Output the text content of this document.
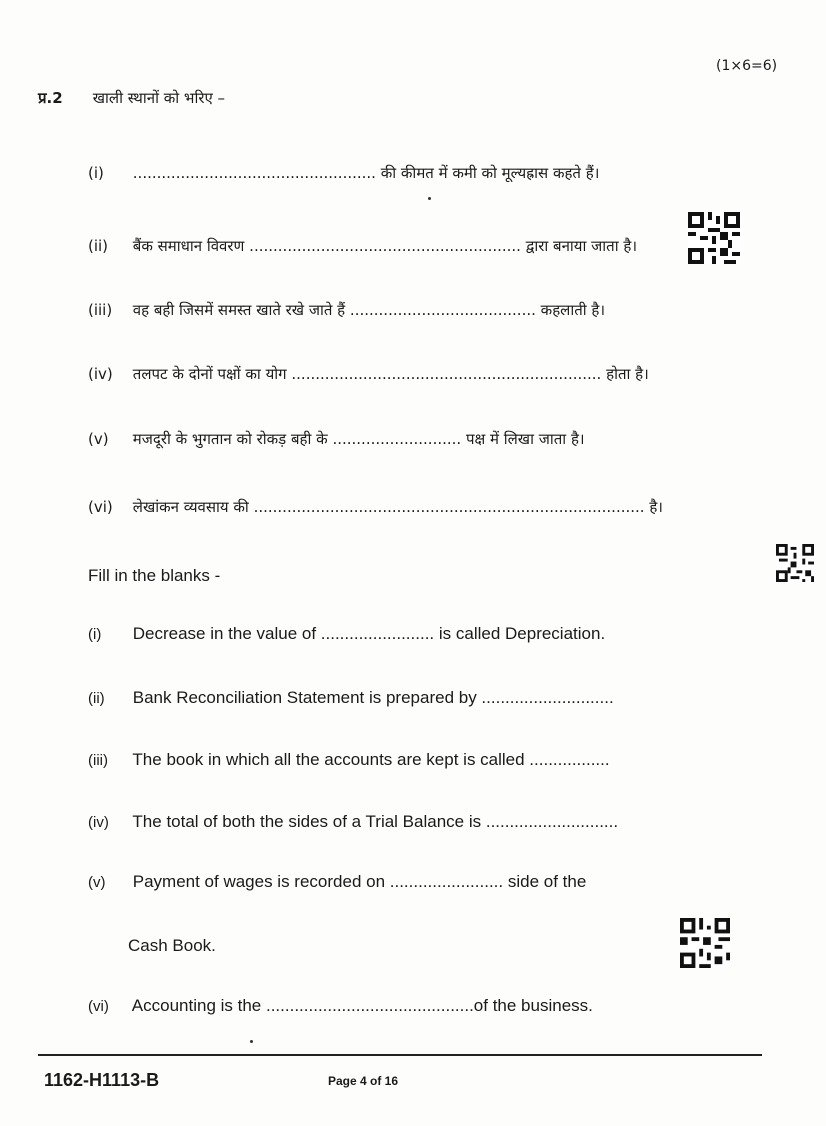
(1×6=6)
प्र.2 खाली स्थानों को भरिए –
(i) ................................................... की कीमत में कमी को मूल्यह्रास कहते हैं।
(ii) बैंक समाधान विवरण ......................................................... द्वारा बनाया जाता है।
(iii) वह बही जिसमें समस्त खाते रखे जाते हैं ....................................... कहलाती है।
(iv) तलपट के दोनों पक्षों का योग ................................................................. होता है।
(v) मजदूरी के भुगतान को रोकड़ बही के ........................... पक्ष में लिखा जाता है।
(vi) लेखांकन व्यवसाय की .................................................................................. है।
Fill in the blanks -
(i) Decrease in the value of ........................ is called Depreciation.
(ii) Bank Reconciliation Statement is prepared by ............................
(iii) The book in which all the accounts are kept is called .................
(iv) The total of both the sides of a Trial Balance is ............................
(v) Payment of wages is recorded on ........................ side of the
Cash Book.
(vi) Accounting is the ............................................of the business.
1162-H1113-B	Page 4 of 16
